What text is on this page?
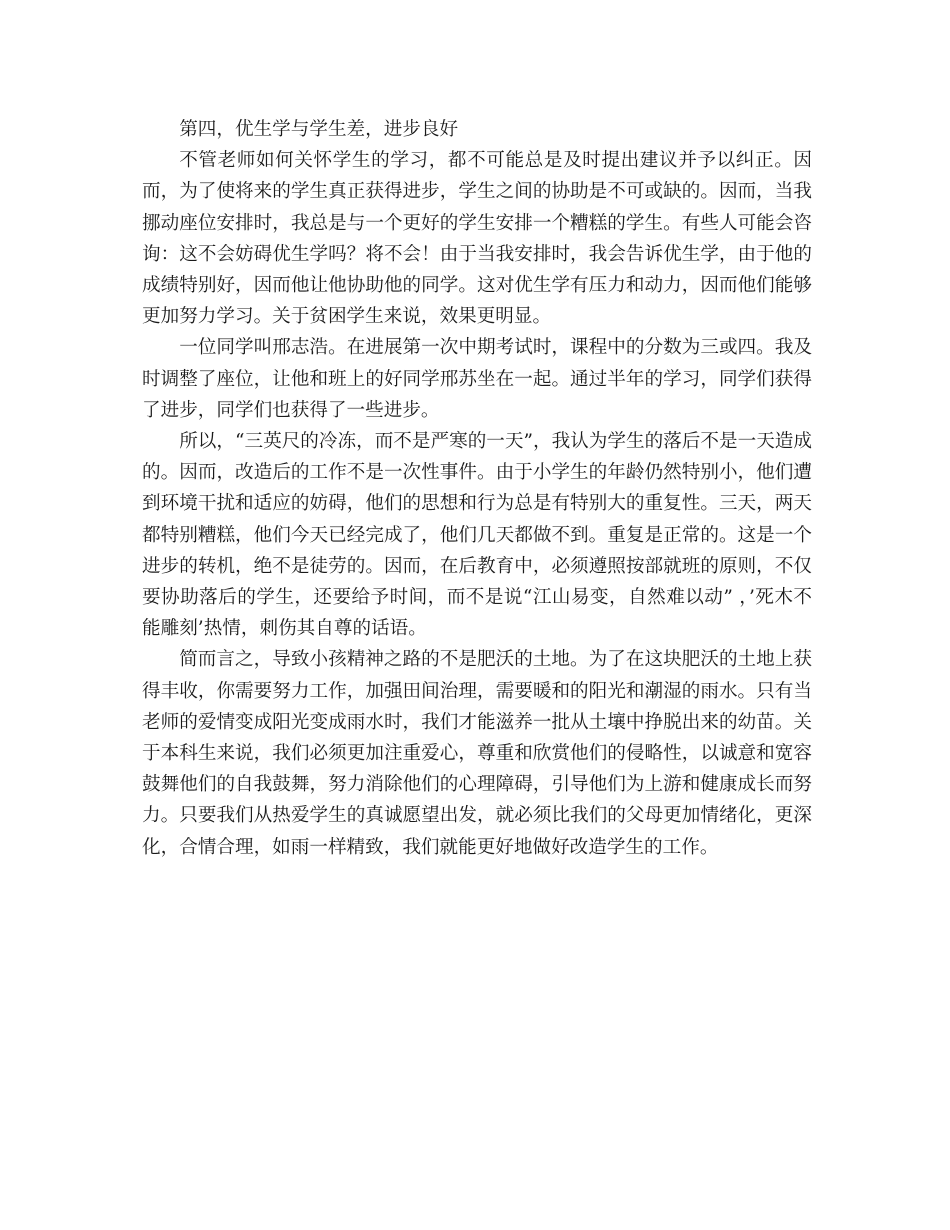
第四，优生学与学生差，进步良好

不管老师如何关怀学生的学习，都不可能总是及时提出建议并予以纠正。因而，为了使将来的学生真正获得进步，学生之间的协助是不可或缺的。因而，当我挪动座位安排时，我总是与一个更好的学生安排一个糟糕的学生。有些人可能会咨询：这不会妨碍优生学吗？将不会！由于当我安排时，我会告诉优生学，由于他的成绩特别好，因而他让他协助他的同学。这对优生学有压力和动力，因而他们能够更加努力学习。关于贫困学生来说，效果更明显。

一位同学叫邢志浩。在进展第一次中期考试时，课程中的分数为三或四。我及时调整了座位，让他和班上的好同学邢苏坐在一起。通过半年的学习，同学们获得了进步，同学们也获得了一些进步。

所以，“三英尺的冷冻，而不是严寒的一天”，我认为学生的落后不是一天造成的。因而，改造后的工作不是一次性事件。由于小学生的年龄仍然特别小，他们遭到环境干扰和适应的妨碍，他们的思想和行为总是有特别大的重复性。三天，两天都特别糟糕，他们今天已经完成了，他们几天都做不到。重复是正常的。这是一个进步的转机，绝不是徒劳的。因而，在后教育中，必须遵照按部就班的原则，不仅要协助落后的学生，还要给予时间，而不是说“江山易变，自然难以动” ，’死木不能雕刻’热情，刺伤其自尊的话语。

简而言之，导致小孩精神之路的不是肥沃的土地。为了在这块肥沃的土地上获得丰收，你需要努力工作，加强田间治理，需要暖和的阳光和潮湿的雨水。只有当老师的爱情变成阳光变成雨水时，我们才能滋养一批从土壤中挣脱出来的幼苗。关于本科生来说，我们必须更加注重爱心，尊重和欣赏他们的侵略性，以诚意和宽容鼓舞他们的自我鼓舞，努力消除他们的心理障碍，引导他们为上游和健康成长而努力。只要我们从热爱学生的真诚愿望出发，就必须比我们的父母更加情绪化，更深化，合情合理，如雨一样精致，我们就能更好地做好改造学生的工作。
